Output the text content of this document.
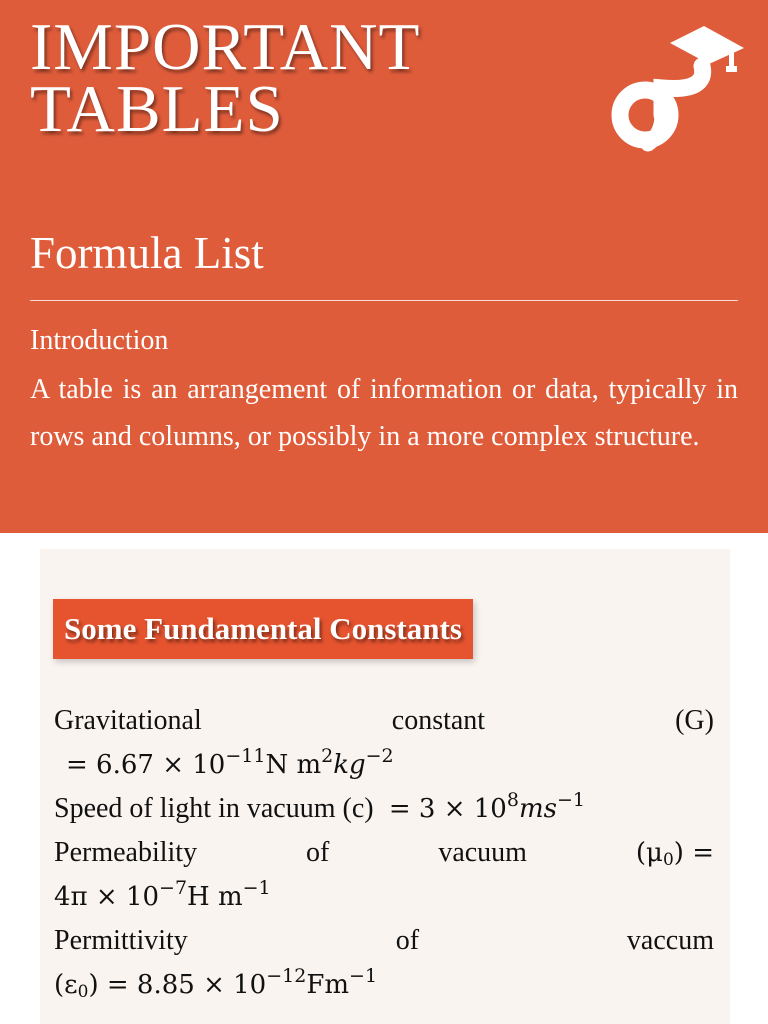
IMPORTANT
TABLES
Formula List
Introduction

A table is an arrangement of information or data, typically in rows and columns, or possibly in a more complex structure.

Some Fundamental Constants
Gravitational	constant	(G)
= $6.67 \times 10^{-11}N$ $m^2kg^{-2}$
Speed of light in vacuum $(c) = 3 \times 10^8ms^{-1}$
Permeability	of	vacuum	$(\mu_0)$ =
$4\pi \times 10^{-7}H$ $m^{-1}$
Permittivity	of	vaccum
$(\varepsilon_0) = 8.85 \times 10^{-12}Fm^{-1}$
